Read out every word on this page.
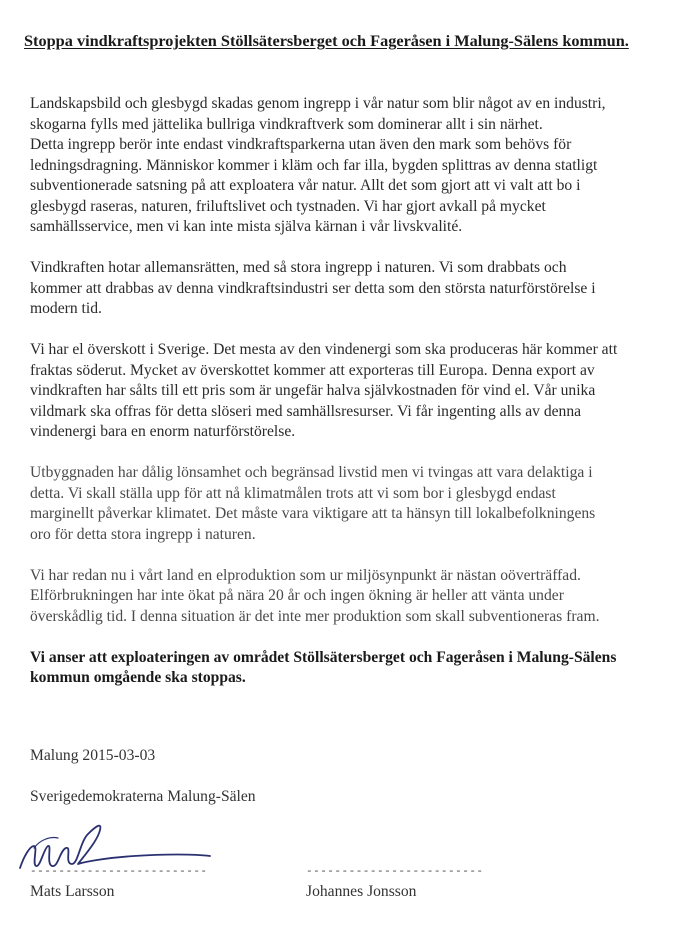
Stoppa vindkraftsprojekten Stöllsätersberget och Fageråsen i Malung-Sälens kommun.

Landskapsbild och glesbygd skadas genom ingrepp i vår natur som blir något av en industri,
skogarna fylls med jättelika bullriga vindkraftverk som dominerar allt i sin närhet.
Detta ingrepp berör inte endast vindkraftsparkerna utan även den mark som behövs för
ledningsdragning. Människor kommer i kläm och far illa, bygden splittras av denna statligt
subventionerade satsning på att exploatera vår natur. Allt det som gjort att vi valt att bo i
glesbygd raseras, naturen, friluftslivet och tystnaden. Vi har gjort avkall på mycket
samhällsservice, men vi kan inte mista själva kärnan i vår livskvalité.

Vindkraften hotar allemansrätten, med så stora ingrepp i naturen. Vi som drabbats och
kommer att drabbas av denna vindkraftsindustri ser detta som den största naturförstörelse i
modern tid.

Vi har el överskott i Sverige. Det mesta av den vindenergi som ska produceras här kommer att
fraktas söderut. Mycket av överskottet kommer att exporteras till Europa. Denna export av
vindkraften har sålts till ett pris som är ungefär halva självkostnaden för vind el. Vår unika
vildmark ska offras för detta slöseri med samhällsresurser. Vi får ingenting alls av denna
vindenergi bara en enorm naturförstörelse.

Utbyggnaden har dålig lönsamhet och begränsad livstid men vi tvingas att vara delaktiga i
detta. Vi skall ställa upp för att nå klimatmålen trots att vi som bor i glesbygd endast
marginellt påverkar klimatet. Det måste vara viktigare att ta hänsyn till lokalbefolkningens
oro för detta stora ingrepp i naturen.

Vi har redan nu i vårt land en elproduktion som ur miljösynpunkt är nästan oöverträffad.
Elförbrukningen har inte ökat på nära 20 år och ingen ökning är heller att vänta under
överskådlig tid. I denna situation är det inte mer produktion som skall subventioneras fram.

Vi anser att exploateringen av området Stöllsätersberget och Fageråsen i Malung-Sälens
kommun omgående ska stoppas.

Malung 2015-03-03
Sverigedemokraterna Malung-Sälen
-------------------------	-------------------------
Mats Larsson	Johannes Jonsson
